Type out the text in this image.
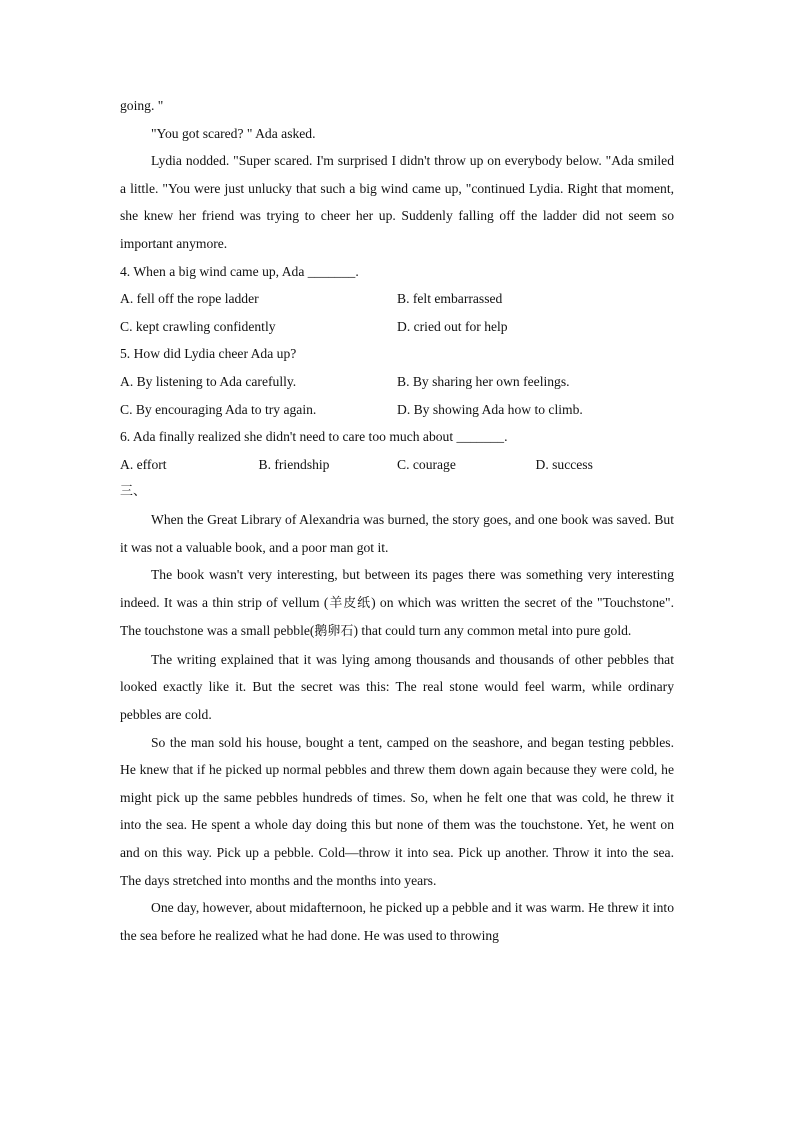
going. "

"You got scared? " Ada asked.

Lydia nodded. "Super scared. I'm surprised I didn't throw up on everybody below. "Ada smiled a little. "You were just unlucky that such a big wind came up, "continued Lydia. Right that moment, she knew her friend was trying to cheer her up. Suddenly falling off the ladder did not seem so important anymore.

4. When a big wind came up, Ada _______.

A. fell off the rope ladder	B. felt embarrassed
C. kept crawling confidently	D. cried out for help

5. How did Lydia cheer Ada up?

A. By listening to Ada carefully.	B. By sharing her own feelings.
C. By encouraging Ada to try again.	D. By showing Ada how to climb.

6. Ada finally realized she didn't need to care too much about _______.

A. effort	B. friendship	C. courage	D. success

三、

When the Great Library of Alexandria was burned, the story goes, and one book was saved. But it was not a valuable book, and a poor man got it.

The book wasn't very interesting, but between its pages there was something very interesting indeed. It was a thin strip of vellum (羊皮纸) on which was written the secret of the "Touchstone". The touchstone was a small pebble(鹅卵石) that could turn any common metal into pure gold.

The writing explained that it was lying among thousands and thousands of other pebbles that looked exactly like it. But the secret was this: The real stone would feel warm, while ordinary pebbles are cold.

So the man sold his house, bought a tent, camped on the seashore, and began testing pebbles. He knew that if he picked up normal pebbles and threw them down again because they were cold, he might pick up the same pebbles hundreds of times. So, when he felt one that was cold, he threw it into the sea. He spent a whole day doing this but none of them was the touchstone. Yet, he went on and on this way. Pick up a pebble. Cold—throw it into sea. Pick up another. Throw it into the sea. The days stretched into months and the months into years.

One day, however, about midafternoon, he picked up a pebble and it was warm. He threw it into the sea before he realized what he had done. He was used to throwing
